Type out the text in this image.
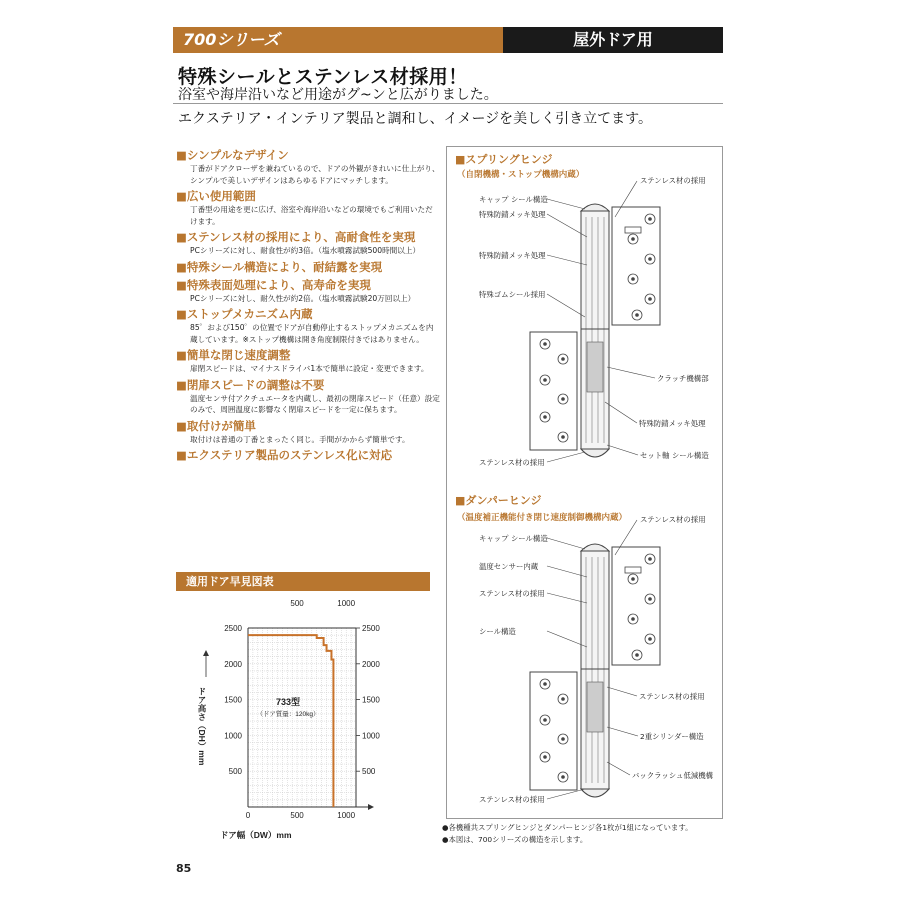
700シリーズ	屋外ドア用
特殊シールとステンレス材採用！
浴室や海岸沿いなど用途がグ~ンと広がりました。
エクステリア・インテリア製品と調和し、イメージを美しく引き立てます。
■シンプルなデザイン
丁番がドアクローザを兼ねているので、ドアの外観がきれいに仕上がり、シンプルで美しいデザインはあらゆるドアにマッチします。
■広い使用範囲
丁番型の用途を更に広げ、浴室や海岸沿いなどの環境でもご利用いただけます。
■ステンレス材の採用により、高耐食性を実現
PCシリーズに対し、耐食性が約3倍。（塩水噴霧試験500時間以上）
■特殊シール構造により、耐結露を実現
■特殊表面処理により、高寿命を実現
PCシリーズに対し、耐久性が約2倍。（塩水噴霧試験20万回以上）
■ストップメカニズム内蔵
85゜および150゜の位置でドアが自動停止するストップメカニズムを内蔵しています。※ストップ機構は開き角度制限付きではありません。
■簡単な閉じ速度調整
扉閉スピードは、マイナスドライバ1本で簡単に設定・変更できます。
■閉扉スピードの調整は不要
温度センサ付アクチュエータを内蔵し、最初の閉扉スピード（任意）設定のみで、周囲温度に影響なく閉扉スピードを一定に保ちます。
■取付けが簡単
取付けは普通の丁番とまったく同じ。手間がかからず簡単です。
■エクステリア製品のステンレス化に対応
適用ドア早見図表
500	500
1000	1000
1500	1500
2000	2000
2500	2500
0	500	1000
500	1000
733型
（ドア質量：120kg）
ドア幅（DW）mm
ドア高さ（DH）mm
■スプリングヒンジ
（自閉機構・ストップ機構内蔵）
ステンレス材の採用
キャップ シール構造
特殊防錆メッキ処理
特殊防錆メッキ処理
特殊ゴムシール採用
クラッチ機構部
特殊防錆メッキ処理
セット軸 シール構造
ステンレス材の採用
■ダンパーヒンジ
（温度補正機能付き閉じ速度制御機構内蔵） ステンレス材の採用
キャップ シール構造
温度センサー内蔵
ステンレス材の採用
シール構造
ステンレス材の採用
2重シリンダー構造
バックラッシュ低減機構
ステンレス材の採用
●各機種共スプリングヒンジとダンパーヒンジ各1枚が1組になっています。
●本図は、700シリーズの構造を示します。
85
